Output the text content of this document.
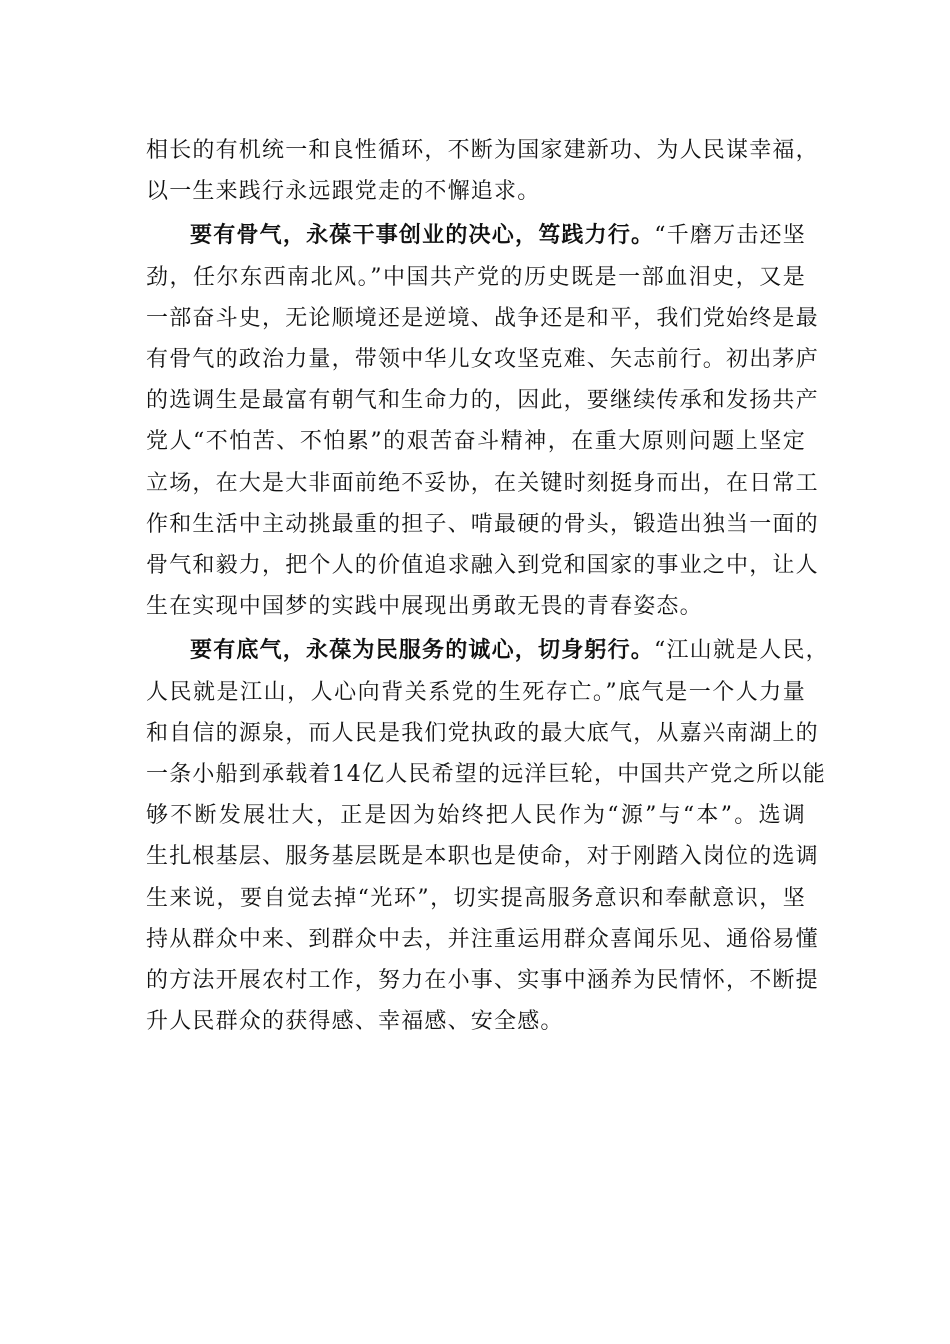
相长的有机统一和良性循环，不断为国家建新功、为人民谋幸福，
以一生来践行永远跟党走的不懈追求。
要有骨气，永葆干事创业的决心，笃践力行。“千磨万击还坚
劲，任尔东西南北风。”中国共产党的历史既是一部血泪史，又是
一部奋斗史，无论顺境还是逆境、战争还是和平，我们党始终是最
有骨气的政治力量，带领中华儿女攻坚克难、矢志前行。初出茅庐
的选调生是最富有朝气和生命力的，因此，要继续传承和发扬共产
党人“不怕苦、不怕累”的艰苦奋斗精神，在重大原则问题上坚定
立场，在大是大非面前绝不妥协，在关键时刻挺身而出，在日常工
作和生活中主动挑最重的担子、啃最硬的骨头，锻造出独当一面的
骨气和毅力，把个人的价值追求融入到党和国家的事业之中，让人
生在实现中国梦的实践中展现出勇敢无畏的青春姿态。
要有底气，永葆为民服务的诚心，切身躬行。“江山就是人民，
人民就是江山，人心向背关系党的生死存亡。”底气是一个人力量
和自信的源泉，而人民是我们党执政的最大底气，从嘉兴南湖上的
一条小船到承载着14亿人民希望的远洋巨轮，中国共产党之所以能
够不断发展壮大，正是因为始终把人民作为“源”与“本”。选调
生扎根基层、服务基层既是本职也是使命，对于刚踏入岗位的选调
生来说，要自觉去掉“光环”，切实提高服务意识和奉献意识，坚
持从群众中来、到群众中去，并注重运用群众喜闻乐见、通俗易懂
的方法开展农村工作，努力在小事、实事中涵养为民情怀，不断提
升人民群众的获得感、幸福感、安全感。
